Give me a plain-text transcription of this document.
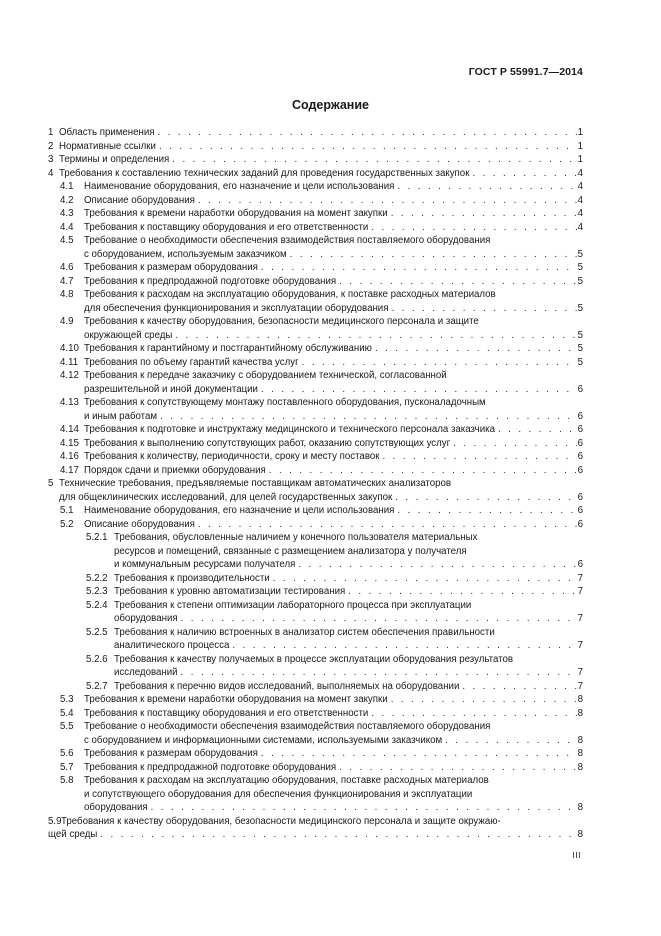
ГОСТ Р 55991.7—2014
Содержание
1 Область применения . . .	1
2 Нормативные ссылки . . .	1
3 Термины и определения . . .	1
4 Требования к составлению технических заданий для проведения государственных закупок . . .	4
4.1 Наименование оборудования, его назначение и цели использования . . .	4
4.2 Описание оборудования . . .	4
4.3 Требования к времени наработки оборудования на момент закупки . . .	4
4.4 Требования к поставщику оборудования и его ответственности . . .	4
4.5 Требование о необходимости обеспечения взаимодействия поставляемого оборудования
с оборудованием, используемым заказчиком . . .	5
4.6 Требования к размерам оборудования . . .	5
4.7 Требования к предпродажной подготовке оборудования . . .	5
4.8 Требования к расходам на эксплуатацию оборудования, к поставке расходных материалов
для обеспечения функционирования и эксплуатации оборудования . . .	5
4.9 Требования к качеству оборудования, безопасности медицинского персонала и защите
окружающей среды . . .	5
4.10 Требования к гарантийному и постгарантийному обслуживанию . . .	5
4.11 Требования по объему гарантий качества услуг . . .	5
4.12 Требования к передаче заказчику с оборудованием технической, согласованной
разрешительной и иной документации . . .	6
4.13 Требования к сопутствующему монтажу поставленного оборудования, пусконаладочным
и иным работам . . .	6
4.14 Требования к подготовке и инструктажу медицинского и технического персонала заказчика . . .	6
4.15 Требования к выполнению сопутствующих работ, оказанию сопутствующих услуг . . .	6
4.16 Требования к количеству, периодичности, сроку и месту поставок . . .	6
4.17 Порядок сдачи и приемки оборудования . . .	6
5 Технические требования, предъявляемые поставщикам автоматических анализаторов
для общеклинических исследований, для целей государственных закупок . . .	6
5.1 Наименование оборудования, его назначение и цели использования . . .	6
5.2 Описание оборудования . . .	6
5.2.1 Требования, обусловленные наличием у конечного пользователя материальных
ресурсов и помещений, связанные с размещением анализатора у получателя
и коммунальным ресурсами получателя . . .	6
5.2.2 Требования к производительности . . .	7
5.2.3 Требования к уровню автоматизации тестирования . . .	7
5.2.4 Требования к степени оптимизации лабораторного процесса при эксплуатации
оборудования . . .	7
5.2.5 Требования к наличию встроенных в анализатор систем обеспечения правильности
аналитического процесса . . .	7
5.2.6 Требования к качеству получаемых в процессе эксплуатации оборудования результатов
исследований . . .	7
5.2.7 Требования к перечню видов исследований, выполняемых на оборудовании . . .	7
5.3 Требования к времени наработки оборудования на момент закупки . . .	8
5.4 Требования к поставщику оборудования и его ответственности . . .	8
5.5 Требование о необходимости обеспечения взаимодействия поставляемого оборудования
с оборудованием и информационными системами, используемыми заказчиком . . .	8
5.6 Требования к размерам оборудования . . .	8
5.7 Требования к предпродажной подготовке оборудования . . .	8
5.8 Требования к расходам на эксплуатацию оборудования, поставке расходных материалов
и сопутствующего оборудования для обеспечения функционирования и эксплуатации
оборудования . . .	8
5.9 Требования к качеству оборудования, безопасности медицинского персонала и защите окружаю-
щей среды . . .	8
III
